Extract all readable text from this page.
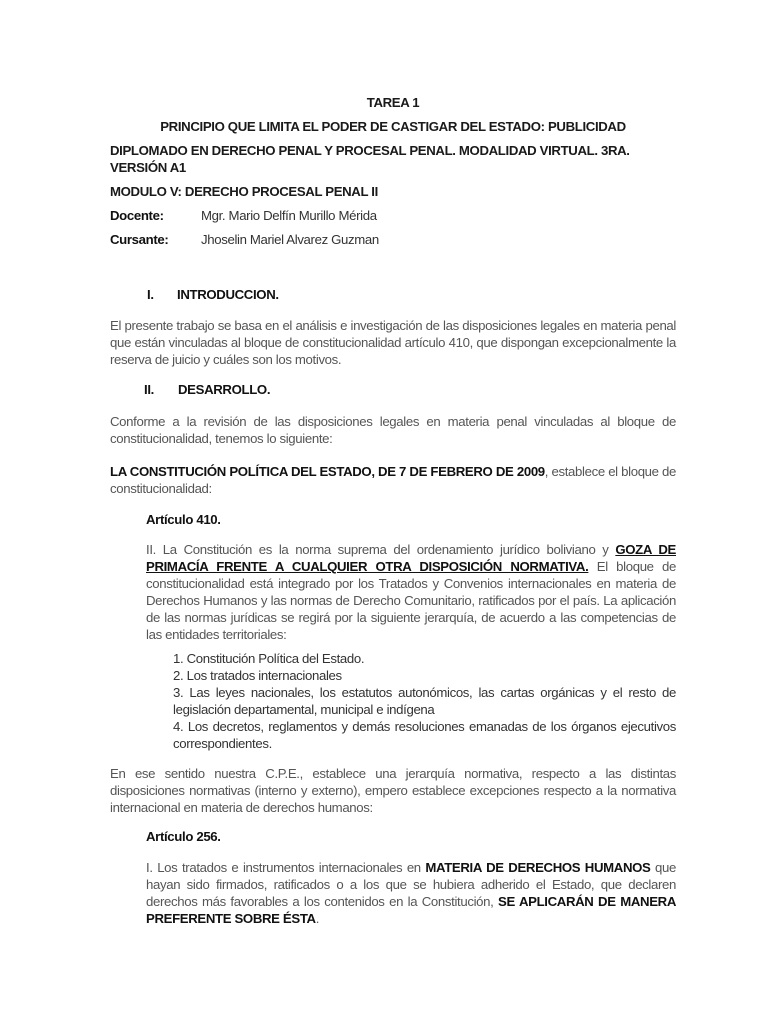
TAREA 1
PRINCIPIO QUE LIMITA EL PODER DE CASTIGAR DEL ESTADO: PUBLICIDAD
DIPLOMADO EN DERECHO PENAL Y PROCESAL PENAL. MODALIDAD VIRTUAL. 3RA.
VERSIÓN A1
MODULO V: DERECHO PROCESAL PENAL II
Docente:	Mgr. Mario Delfín Murillo Mérida
Cursante: Jhoselin Mariel Alvarez Guzman
I. INTRODUCCION.
El presente trabajo se basa en el análisis e investigación de las disposiciones legales en materia penal que están vinculadas al bloque de constitucionalidad artículo 410, que dispongan excepcionalmente la reserva de juicio y cuáles son los motivos.
II. DESARROLLO.
Conforme a la revisión de las disposiciones legales en materia penal vinculadas al bloque de constitucionalidad, tenemos lo siguiente:
LA CONSTITUCIÓN POLÍTICA DEL ESTADO, DE 7 DE FEBRERO DE 2009, establece el bloque de constitucionalidad:
Artículo 410.
II. La Constitución es la norma suprema del ordenamiento jurídico boliviano y GOZA DE PRIMACÍA FRENTE A CUALQUIER OTRA DISPOSICIÓN NORMATIVA. El bloque de constitucionalidad está integrado por los Tratados y Convenios internacionales en materia de Derechos Humanos y las normas de Derecho Comunitario, ratificados por el país. La aplicación de las normas jurídicas se regirá por la siguiente jerarquía, de acuerdo a las competencias de las entidades territoriales:
1. Constitución Política del Estado.
2. Los tratados internacionales
3. Las leyes nacionales, los estatutos autonómicos, las cartas orgánicas y el resto de legislación departamental, municipal e indígena
4. Los decretos, reglamentos y demás resoluciones emanadas de los órganos ejecutivos correspondientes.
En ese sentido nuestra C.P.E., establece una jerarquía normativa, respecto a las distintas disposiciones normativas (interno y externo), empero establece excepciones respecto a la normativa internacional en materia de derechos humanos:
Artículo 256.
I. Los tratados e instrumentos internacionales en MATERIA DE DERECHOS HUMANOS que hayan sido firmados, ratificados o a los que se hubiera adherido el Estado, que declaren derechos más favorables a los contenidos en la Constitución, SE APLICARÁN DE MANERA PREFERENTE SOBRE ÉSTA.
